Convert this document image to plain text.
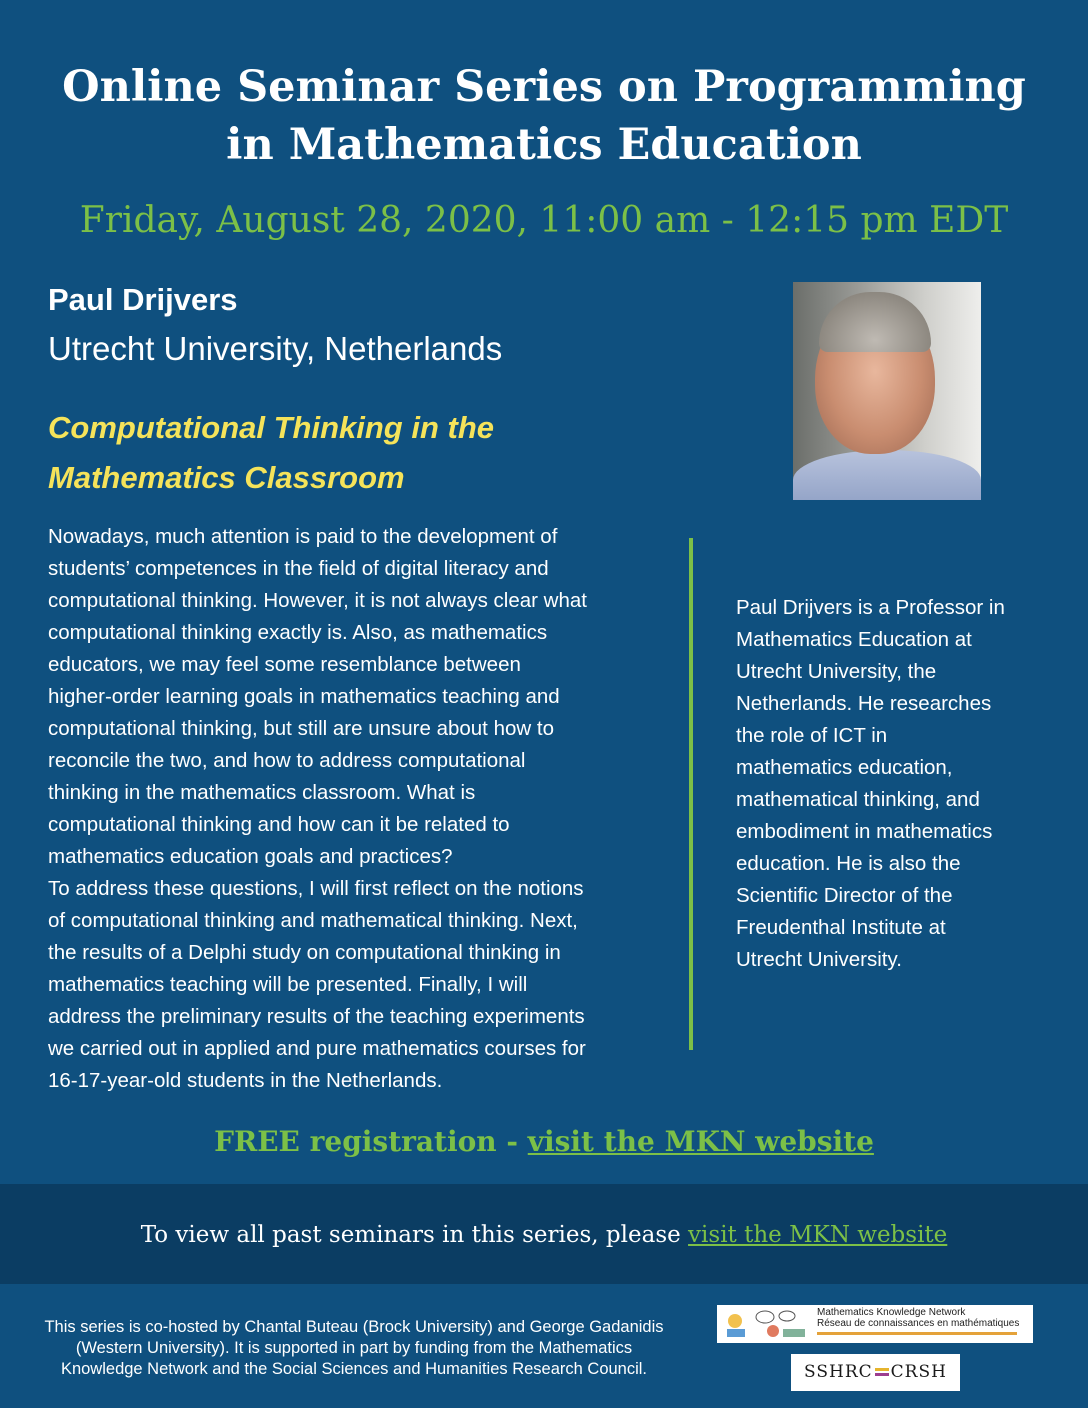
Online Seminar Series on Programming
in Mathematics Education
Friday, August 28, 2020, 11:00 am - 12:15 pm EDT
Paul Drijvers
Utrecht University, Netherlands
Computational Thinking in the
Mathematics Classroom
Nowadays, much attention is paid to the development of
students’ competences in the field of digital literacy and
computational thinking. However, it is not always clear what
computational thinking exactly is. Also, as mathematics
educators, we may feel some resemblance between
higher-order learning goals in mathematics teaching and
computational thinking, but still are unsure about how to
reconcile the two, and how to address computational
thinking in the mathematics classroom. What is
computational thinking and how can it be related to
mathematics education goals and practices?
To address these questions, I will first reflect on the notions
of computational thinking and mathematical thinking. Next,
the results of a Delphi study on computational thinking in
mathematics teaching will be presented. Finally, I will
address the preliminary results of the teaching experiments
we carried out in applied and pure mathematics courses for
16-17-year-old students in the Netherlands.
Paul Drijvers is a Professor in
Mathematics Education at
Utrecht University, the
Netherlands. He researches
the role of ICT in
mathematics education,
mathematical thinking, and
embodiment in mathematics
education. He is also the
Scientific Director of the
Freudenthal Institute at
Utrecht University.
FREE registration - visit the MKN website
To view all past seminars in this series, please visit the MKN website
This series is co-hosted by Chantal Buteau (Brock University) and George Gadanidis
(Western University). It is supported in part by funding from the Mathematics
Knowledge Network and the Social Sciences and Humanities Research Council.
Mathematics Knowledge Network
Réseau de connaissances en mathématiques
SSHRC CRSH
